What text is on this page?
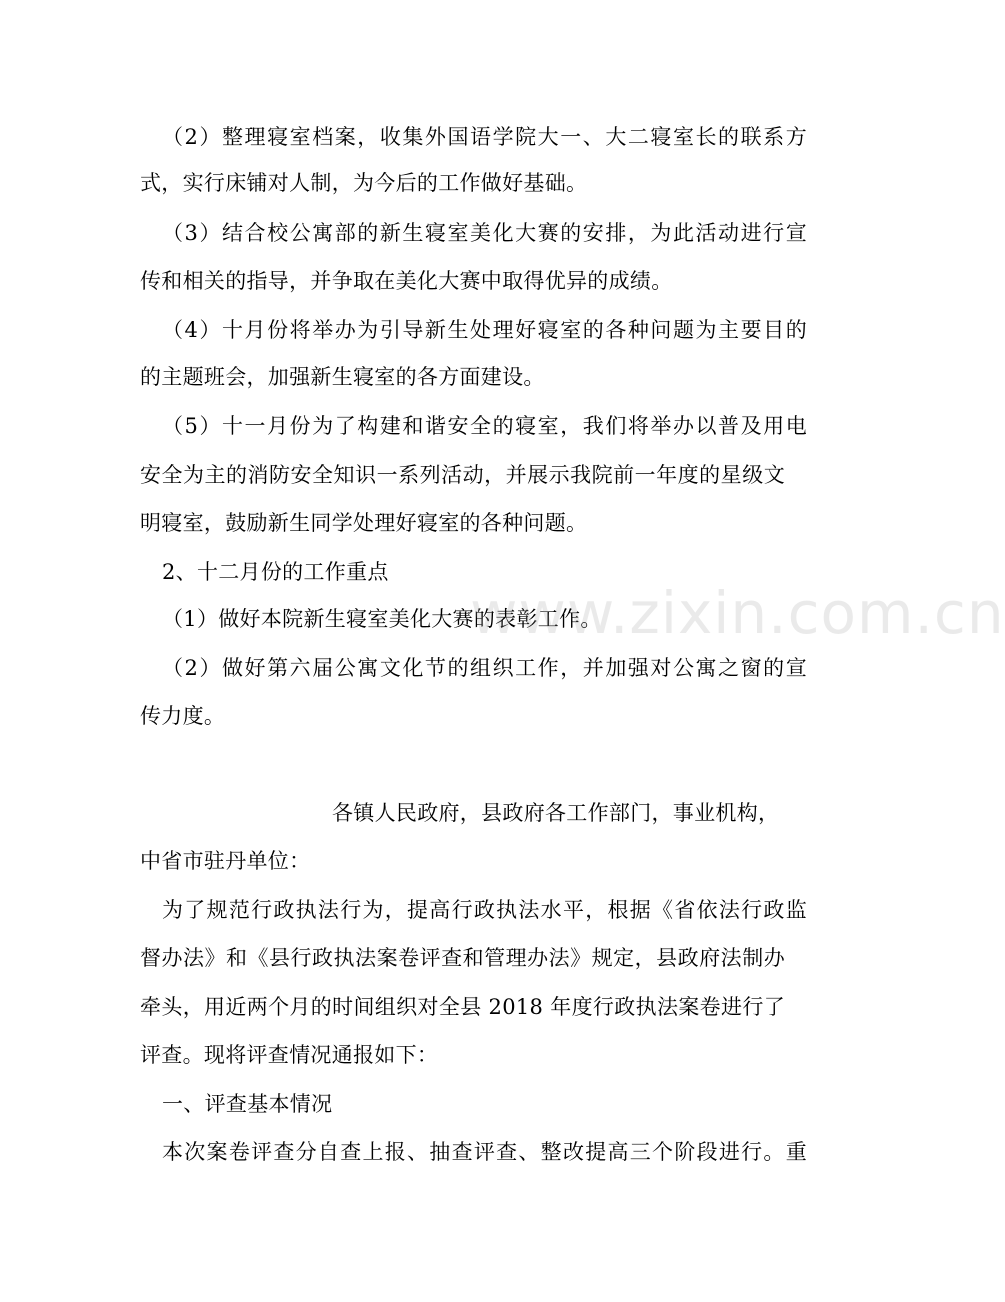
（2）整理寝室档案，收集外国语学院大一、大二寝室长的联系方
式，实行床铺对人制，为今后的工作做好基础。
（3）结合校公寓部的新生寝室美化大赛的安排，为此活动进行宣
传和相关的指导，并争取在美化大赛中取得优异的成绩。
（4）十月份将举办为引导新生处理好寝室的各种问题为主要目的
的主题班会，加强新生寝室的各方面建设。
（5）十一月份为了构建和谐安全的寝室，我们将举办以普及用电
安全为主的消防安全知识一系列活动，并展示我院前一年度的星级文
明寝室，鼓励新生同学处理好寝室的各种问题。
2、十二月份的工作重点
（1）做好本院新生寝室美化大赛的表彰工作。
（2）做好第六届公寓文化节的组织工作，并加强对公寓之窗的宣
传力度。
各镇人民政府，县政府各工作部门，事业机构，
中省市驻丹单位：
为了规范行政执法行为，提高行政执法水平，根据《省依法行政监
督办法》和《县行政执法案卷评查和管理办法》规定，县政府法制办
牵头，用近两个月的时间组织对全县 2018 年度行政执法案卷进行了
评查。现将评查情况通报如下：
一、评查基本情况
本次案卷评查分自查上报、抽查评查、整改提高三个阶段进行。重
www.zixin.com.cn
